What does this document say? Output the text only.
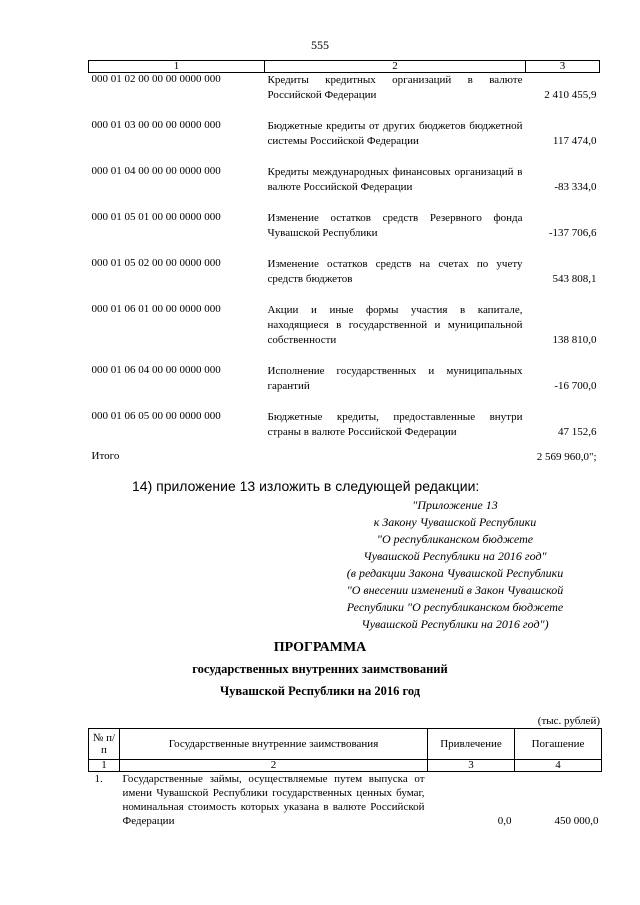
555
1	2	3
000 01 02 00 00 00 0000 000	Кредиты кредитных организаций в валюте Российской Федерации	2 410 455,9

000 01 03 00 00 00 0000 000	Бюджетные кредиты от других бюджетов бюджетной системы Российской Федерации	117 474,0

000 01 04 00 00 00 0000 000	Кредиты международных финансовых организаций в валюте Российской Федерации	-83 334,0

000 01 05 01 00 00 0000 000	Изменение остатков средств Резервного фонда Чувашской Республики	-137 706,6

000 01 05 02 00 00 0000 000	Изменение остатков средств на счетах по учету средств бюджетов	543 808,1

000 01 06 01 00 00 0000 000	Акции и иные формы участия в капитале, находящиеся в государственной и муниципальной собственности	138 810,0

000 01 06 04 00 00 0000 000	Исполнение государственных и муниципальных гарантий	-16 700,0

000 01 06 05 00 00 0000 000	Бюджетные кредиты, предоставленные внутри страны в валюте Российской Федерации	47 152,6
Итого		2 569 960,0";
14) приложение 13 изложить в следующей редакции:
"Приложение 13
к Закону Чувашской Республики
"О республиканском бюджете
Чувашской Республики на 2016 год"
(в редакции Закона Чувашской Республики
"О внесении изменений в Закон Чувашской
Республики "О республиканском бюджете
Чувашской Республики на 2016 год")
ПРОГРАММА
государственных внутренних заимствований
Чувашской Республики на 2016 год
(тыс. рублей)
№ п/п	Государственные внутренние заимствования	Привлечение	Погашение
1	2	3	4
1.	Государственные займы, осуществляемые путем выпуска от имени Чувашской Республики государственных ценных бумаг, номинальная стоимость которых указана в валюте Российской Федерации	0,0	450 000,0
